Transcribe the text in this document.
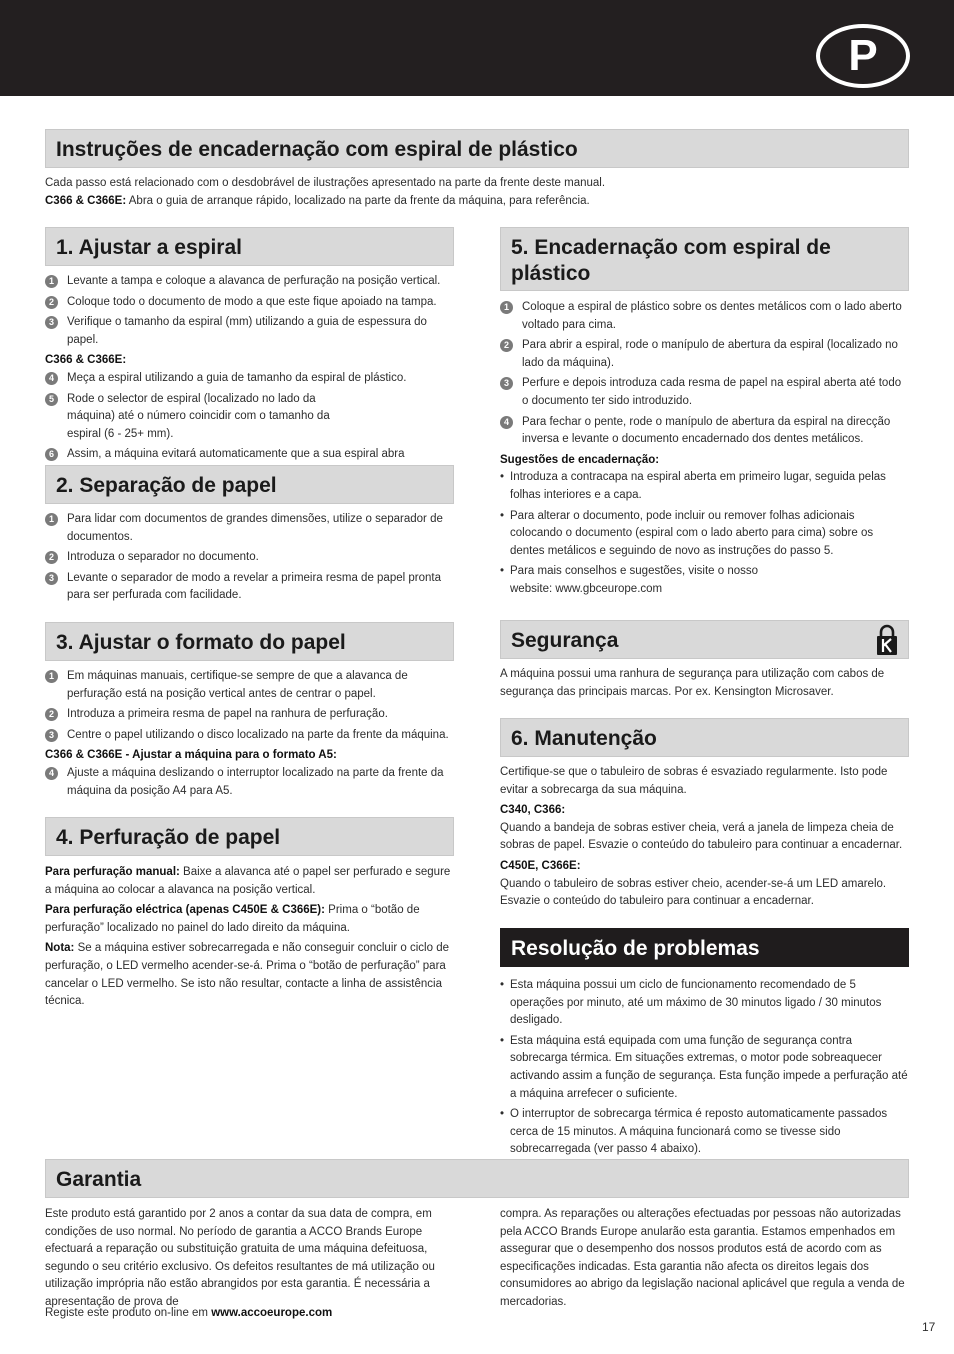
P
Instruções de encadernação com espiral de plástico

Cada passo está relacionado com o desdobrável de ilustrações apresentado na parte da frente deste manual.

C366 & C366E: Abra o guia de arranque rápido, localizado na parte da frente da máquina, para referência.

1. Ajustar a espiral
1	Levante a tampa e coloque a alavanca de perfuração na posição vertical.
2	Coloque todo o documento de modo a que este fique apoiado na tampa.
3	Verifique o tamanho da espiral (mm) utilizando a guia de espessura do papel.

C366 & C366E:

4	Meça a espiral utilizando a guia de tamanho da espiral de plástico.
5	Rode o selector de espiral (localizado no lado da máquina) até o número coincidir com o tamanho da espiral (6 - 25+ mm).
6	Assim, a máquina evitará automaticamente que a sua espiral abra
2. Separação de papel
1	Para lidar com documentos de grandes dimensões, utilize o separador de documentos.
2	Introduza o separador no documento.
3	Levante o separador de modo a revelar a primeira resma de papel pronta para ser perfurada com facilidade.
3. Ajustar o formato do papel
1	Em máquinas manuais, certifique-se sempre de que a alavanca de perfuração está na posição vertical antes de centrar o papel.
2	Introduza a primeira resma de papel na ranhura de perfuração.
3	Centre o papel utilizando o disco localizado na parte da frente da máquina.

C366 & C366E - Ajustar a máquina para o formato A5:

4	Ajuste a máquina deslizando o interruptor localizado na parte da frente da máquina da posição A4 para A5.
4. Perfuração de papel

Para perfuração manual: Baixe a alavanca até o papel ser perfurado e segure a máquina ao colocar a alavanca na posição vertical.

Para perfuração eléctrica (apenas C450E & C366E): Prima o “botão de perfuração” localizado no painel do lado direito da máquina.

Nota: Se a máquina estiver sobrecarregada e não conseguir concluir o ciclo de perfuração, o LED vermelho acender-se-á. Prima o “botão de perfuração” para cancelar o LED vermelho. Se isto não resultar, contacte a linha de assistência técnica.

5. Encadernação com espiral de plástico
1	Coloque a espiral de plástico sobre os dentes metálicos com o lado aberto voltado para cima.
2	Para abrir a espiral, rode o manípulo de abertura da espiral (localizado no lado da máquina).
3	Perfure e depois introduza cada resma de papel na espiral aberta até todo o documento ter sido introduzido.
4	Para fechar o pente, rode o manípulo de abertura da espiral na direcção inversa e levante o documento encadernado dos dentes metálicos.

Sugestões de encadernação:

• Introduza a contracapa na espiral aberta em primeiro lugar, seguida pelas folhas interiores e a capa.
• Para alterar o documento, pode incluir ou remover folhas adicionais colocando o documento (espiral com o lado aberto para cima) sobre os dentes metálicos e seguindo de novo as instruções do passo 5.
• Para mais conselhos e sugestões, visite o nosso website: www.gbceurope.com
Segurança

A máquina possui uma ranhura de segurança para utilização com cabos de segurança das principais marcas. Por ex. Kensington Microsaver.

6. Manutenção

Certifique-se que o tabuleiro de sobras é esvaziado regularmente. Isto pode evitar a sobrecarga da sua máquina.

C340, C366:

Quando a bandeja de sobras estiver cheia, verá a janela de limpeza cheia de sobras de papel. Esvazie o conteúdo do tabuleiro para continuar a encadernar.

C450E, C366E:

Quando o tabuleiro de sobras estiver cheio, acender-se-á um LED amarelo. Esvazie o conteúdo do tabuleiro para continuar a encadernar.

Resolução de problemas
• Esta máquina possui um ciclo de funcionamento recomendado de 5 operações por minuto, até um máximo de 30 minutos ligado / 30 minutos desligado.
• Esta máquina está equipada com uma função de segurança contra sobrecarga térmica. Em situações extremas, o motor pode sobreaquecer activando assim a função de segurança. Esta função impede a perfuração até a máquina arrefecer o suficiente.
• O interruptor de sobrecarga térmica é reposto automaticamente passados cerca de 15 minutos. A máquina funcionará como se tivesse sido sobrecarregada (ver passo 4 abaixo).
Garantia

Este produto está garantido por 2 anos a contar da sua data de compra, em condições de uso normal. No período de garantia a ACCO Brands Europe efectuará a reparação ou substituição gratuita de uma máquina defeituosa, segundo o seu critério exclusivo. Os defeitos resultantes de má utilização ou utilização imprópria não estão abrangidos por esta garantia. É necessária a apresentação de prova de

compra. As reparações ou alterações efectuadas por pessoas não autorizadas pela ACCO Brands Europe anularão esta garantia. Estamos empenhados em assegurar que o desempenho dos nossos produtos está de acordo com as especificações indicadas. Esta garantia não afecta os direitos legais dos consumidores ao abrigo da legislação nacional aplicável que regula a venda de mercadorias.

Registe este produto on-line em www.accoeurope.com
17
